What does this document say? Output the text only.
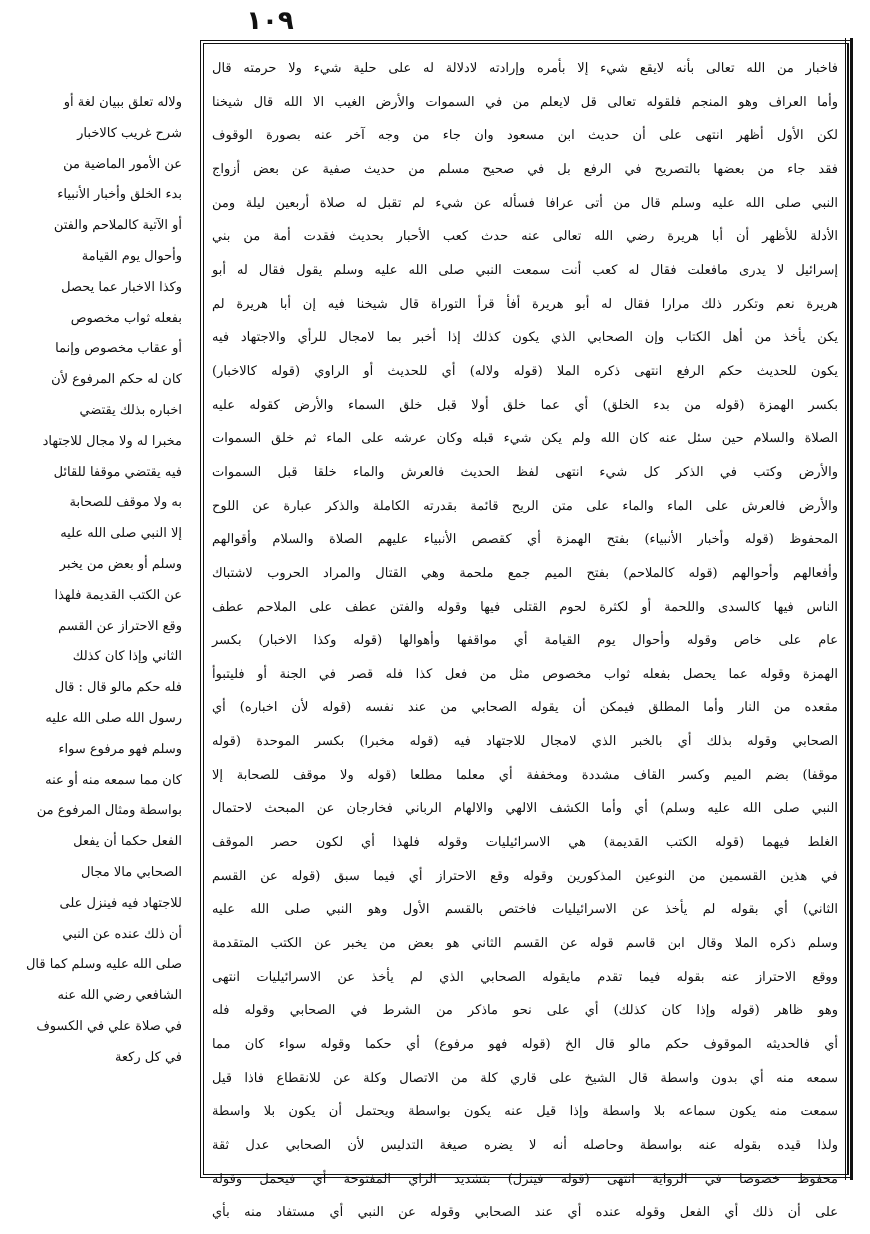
١٠٩
فاخبار من الله تعالى بأنه لايقع شيء إلا بأمره وإرادته لادلالة له على حلية شيء ولا حرمته قال
وأما العراف وهو المنجم فلقوله تعالى قل لايعلم من في السموات والأرض الغيب الا الله قال شيخنا
لكن الأول أظهر انتهى على أن حديث ابن مسعود وان جاء من وجه آخر عنه بصورة الوقوف
فقد جاء من بعضها بالتصريح في الرفع بل في صحيح مسلم من حديث صفية عن بعض أزواج
النبي صلى الله عليه وسلم قال من أتى عرافا فسأله عن شيء لم تقبل له صلاة أربعين ليلة ومن
الأدلة للأظهر أن أبا هريرة رضي الله تعالى عنه حدث كعب الأحبار بحديث فقدت أمة من بني
إسرائيل لا يدرى مافعلت فقال له كعب أنت سمعت النبي صلى الله عليه وسلم يقول فقال له أبو
هريرة نعم وتكرر ذلك مرارا فقال له أبو هريرة أفأ قرأ التوراة قال شيخنا فيه إن أبا هريرة لم
يكن يأخذ من أهل الكتاب وإن الصحابي الذي يكون كذلك إذا أخبر بما لامجال للرأي والاجتهاد فيه
يكون للحديث حكم الرفع انتهى ذكره الملا (قوله ولاله) أي للحديث أو الراوي (قوله كالاخبار)
بكسر الهمزة (قوله من بدء الخلق) أي عما خلق أولا قبل خلق السماء والأرض كقوله عليه
الصلاة والسلام حين سئل عنه كان الله ولم يكن شيء قبله وكان عرشه على الماء ثم خلق السموات
والأرض وكتب في الذكر كل شيء انتهى لفظ الحديث فالعرش والماء خلقا قبل السموات
والأرض فالعرش على الماء والماء على متن الريح قائمة بقدرته الكاملة والذكر عبارة عن اللوح
المحفوظ (قوله وأخبار الأنبياء) بفتح الهمزة أي كقصص الأنبياء عليهم الصلاة والسلام وأقوالهم
وأفعالهم وأحوالهم (قوله كالملاحم) بفتح الميم جمع ملحمة وهي القتال والمراد الحروب لاشتباك
الناس فيها كالسدى واللحمة أو لكثرة لحوم القتلى فيها وقوله والفتن عطف على الملاحم عطف
عام على خاص وقوله وأحوال يوم القيامة أي مواقفها وأهوالها (قوله وكذا الاخبار) بكسر
الهمزة وقوله عما يحصل بفعله ثواب مخصوص مثل من فعل كذا فله قصر في الجنة أو فليتبوأ
مقعده من النار وأما المطلق فيمكن أن يقوله الصحابي من عند نفسه (قوله لأن اخباره) أي
الصحابي وقوله بذلك أي بالخبر الذي لامجال للاجتهاد فيه (قوله مخبرا) بكسر الموحدة (قوله
موقفا) بضم الميم وكسر القاف مشددة ومخففة أي معلما مطلعا (قوله ولا موقف للصحابة إلا
النبي صلى الله عليه وسلم) أي وأما الكشف الالهي والالهام الرباني فخارجان عن المبحث لاحتمال
الغلط فيهما (قوله الكتب القديمة) هي الاسرائيليات وقوله فلهذا أي لكون حصر الموقف
في هذين القسمين من النوعين المذكورين وقوله وقع الاحتراز أي فيما سبق (قوله عن القسم
الثاني) أي بقوله لم يأخذ عن الاسرائيليات فاختص بالقسم الأول وهو النبي صلى الله عليه
وسلم ذكره الملا وقال ابن قاسم قوله عن القسم الثاني هو بعض من يخبر عن الكتب المتقدمة
ووقع الاحتراز عنه بقوله فيما تقدم مايقوله الصحابي الذي لم يأخذ عن الاسرائيليات انتهى
وهو ظاهر (قوله وإذا كان كذلك) أي على نحو ماذكر من الشرط في الصحابي وقوله فله
أي فالحديثه الموقوف حكم مالو قال الخ (قوله فهو مرفوع) أي حكما وقوله سواء كان مما
سمعه منه أي بدون واسطة قال الشيخ على قاري كلة من الاتصال وكلة عن للانقطاع فاذا قيل
سمعت منه يكون سماعه بلا واسطة وإذا قيل عنه يكون بواسطة ويحتمل أن يكون بلا واسطة
ولذا قيده بقوله عنه بواسطة وحاصله أنه لا يضره صيغة التدليس لأن الصحابي عدل ثقة
محفوظ خصوصا في الرواية انتهى (قوله فينزل) بتشديد الزاي المفتوحة أي فيحمل وقوله
على أن ذلك أي الفعل وقوله عنده أي عند الصحابي وقوله عن النبي أي مستفاد منه بأي
ولاله تعلق ببيان لغة أو
شرح غريب كالاخبار
عن الأمور الماضية من
بدء الخلق وأخبار الأنبياء
أو الآتية كالملاحم والفتن
وأحوال يوم القيامة
وكذا الاخبار عما يحصل
بفعله ثواب مخصوص
أو عقاب مخصوص وإنما
كان له حكم المرفوع لأن
اخباره بذلك يقتضي
مخبرا له ولا مجال للاجتهاد
فيه يقتضي موقفا للقائل
به ولا موقف للصحابة
إلا النبي صلى الله عليه
وسلم أو بعض من يخبر
عن الكتب القديمة فلهذا
وقع الاحتراز عن القسم
الثاني وإذا كان كذلك
فله حكم مالو قال : قال
رسول الله صلى الله عليه
وسلم فهو مرفوع سواء
كان مما سمعه منه أو عنه
بواسطة ومثال المرفوع من
الفعل حكما أن يفعل
الصحابي مالا مجال
للاجتهاد فيه فينزل على
أن ذلك عنده عن النبي
صلى الله عليه وسلم كما قال
الشافعي رضي الله عنه
في صلاة علي في الكسوف
في كل ركعة
